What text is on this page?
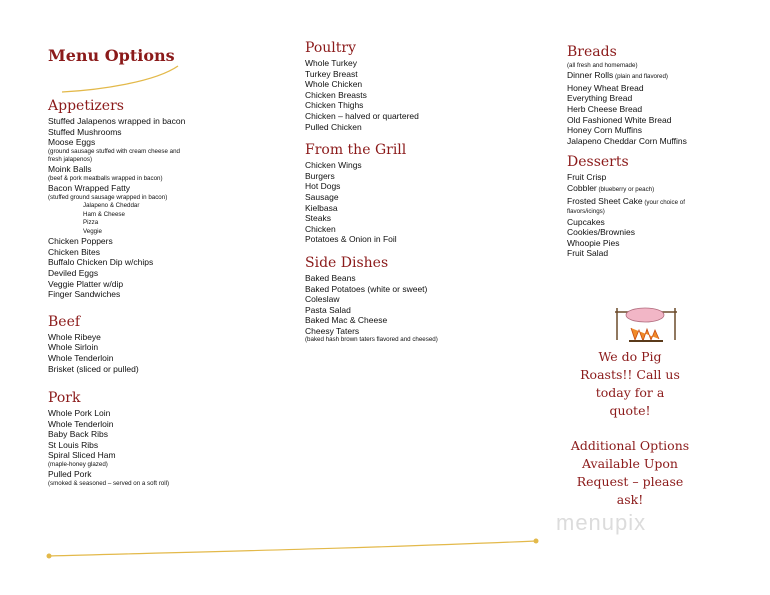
Menu Options
Appetizers
Stuffed Jalapenos wrapped in bacon
Stuffed Mushrooms
Moose Eggs
(ground sausage stuffed with cream cheese and
fresh jalapenos)
Moink Balls
(beef & pork meatballs wrapped in bacon)
Bacon Wrapped Fatty
(stuffed ground sausage wrapped in bacon)
Jalapeno & Cheddar
Ham & Cheese
Pizza
Veggie
Chicken Poppers
Chicken Bites
Buffalo Chicken Dip w/chips
Deviled Eggs
Veggie Platter w/dip
Finger Sandwiches
Beef
Whole Ribeye
Whole Sirloin
Whole Tenderloin
Brisket (sliced or pulled)
Pork
Whole Pork Loin
Whole Tenderloin
Baby Back Ribs
St Louis Ribs
Spiral Sliced Ham
(maple-honey glazed)
Pulled Pork
(smoked & seasoned – served on a soft roll)
Poultry
Whole Turkey
Turkey Breast
Whole Chicken
Chicken Breasts
Chicken Thighs
Chicken – halved or quartered
Pulled Chicken
From the Grill
Chicken Wings
Burgers
Hot Dogs
Sausage
Kielbasa
Steaks
Chicken
Potatoes & Onion in Foil
Side Dishes
Baked Beans
Baked Potatoes (white or sweet)
Coleslaw
Pasta Salad
Baked Mac & Cheese
Cheesy Taters
(baked hash brown taters flavored and cheesed)
Breads
(all fresh and homemade)
Dinner Rolls (plain and flavored)
Honey Wheat Bread
Everything Bread
Herb Cheese Bread
Old Fashioned White Bread
Honey Corn Muffins
Jalapeno Cheddar Corn Muffins
Desserts
Fruit Crisp
Cobbler (blueberry or peach)
Frosted Sheet Cake (your choice of
flavors/icings)
Cupcakes
Cookies/Brownies
Whoopie Pies
Fruit Salad
We do Pig Roasts!! Call us today for a quote!
Additional Options Available Upon Request – please ask!
menupix
